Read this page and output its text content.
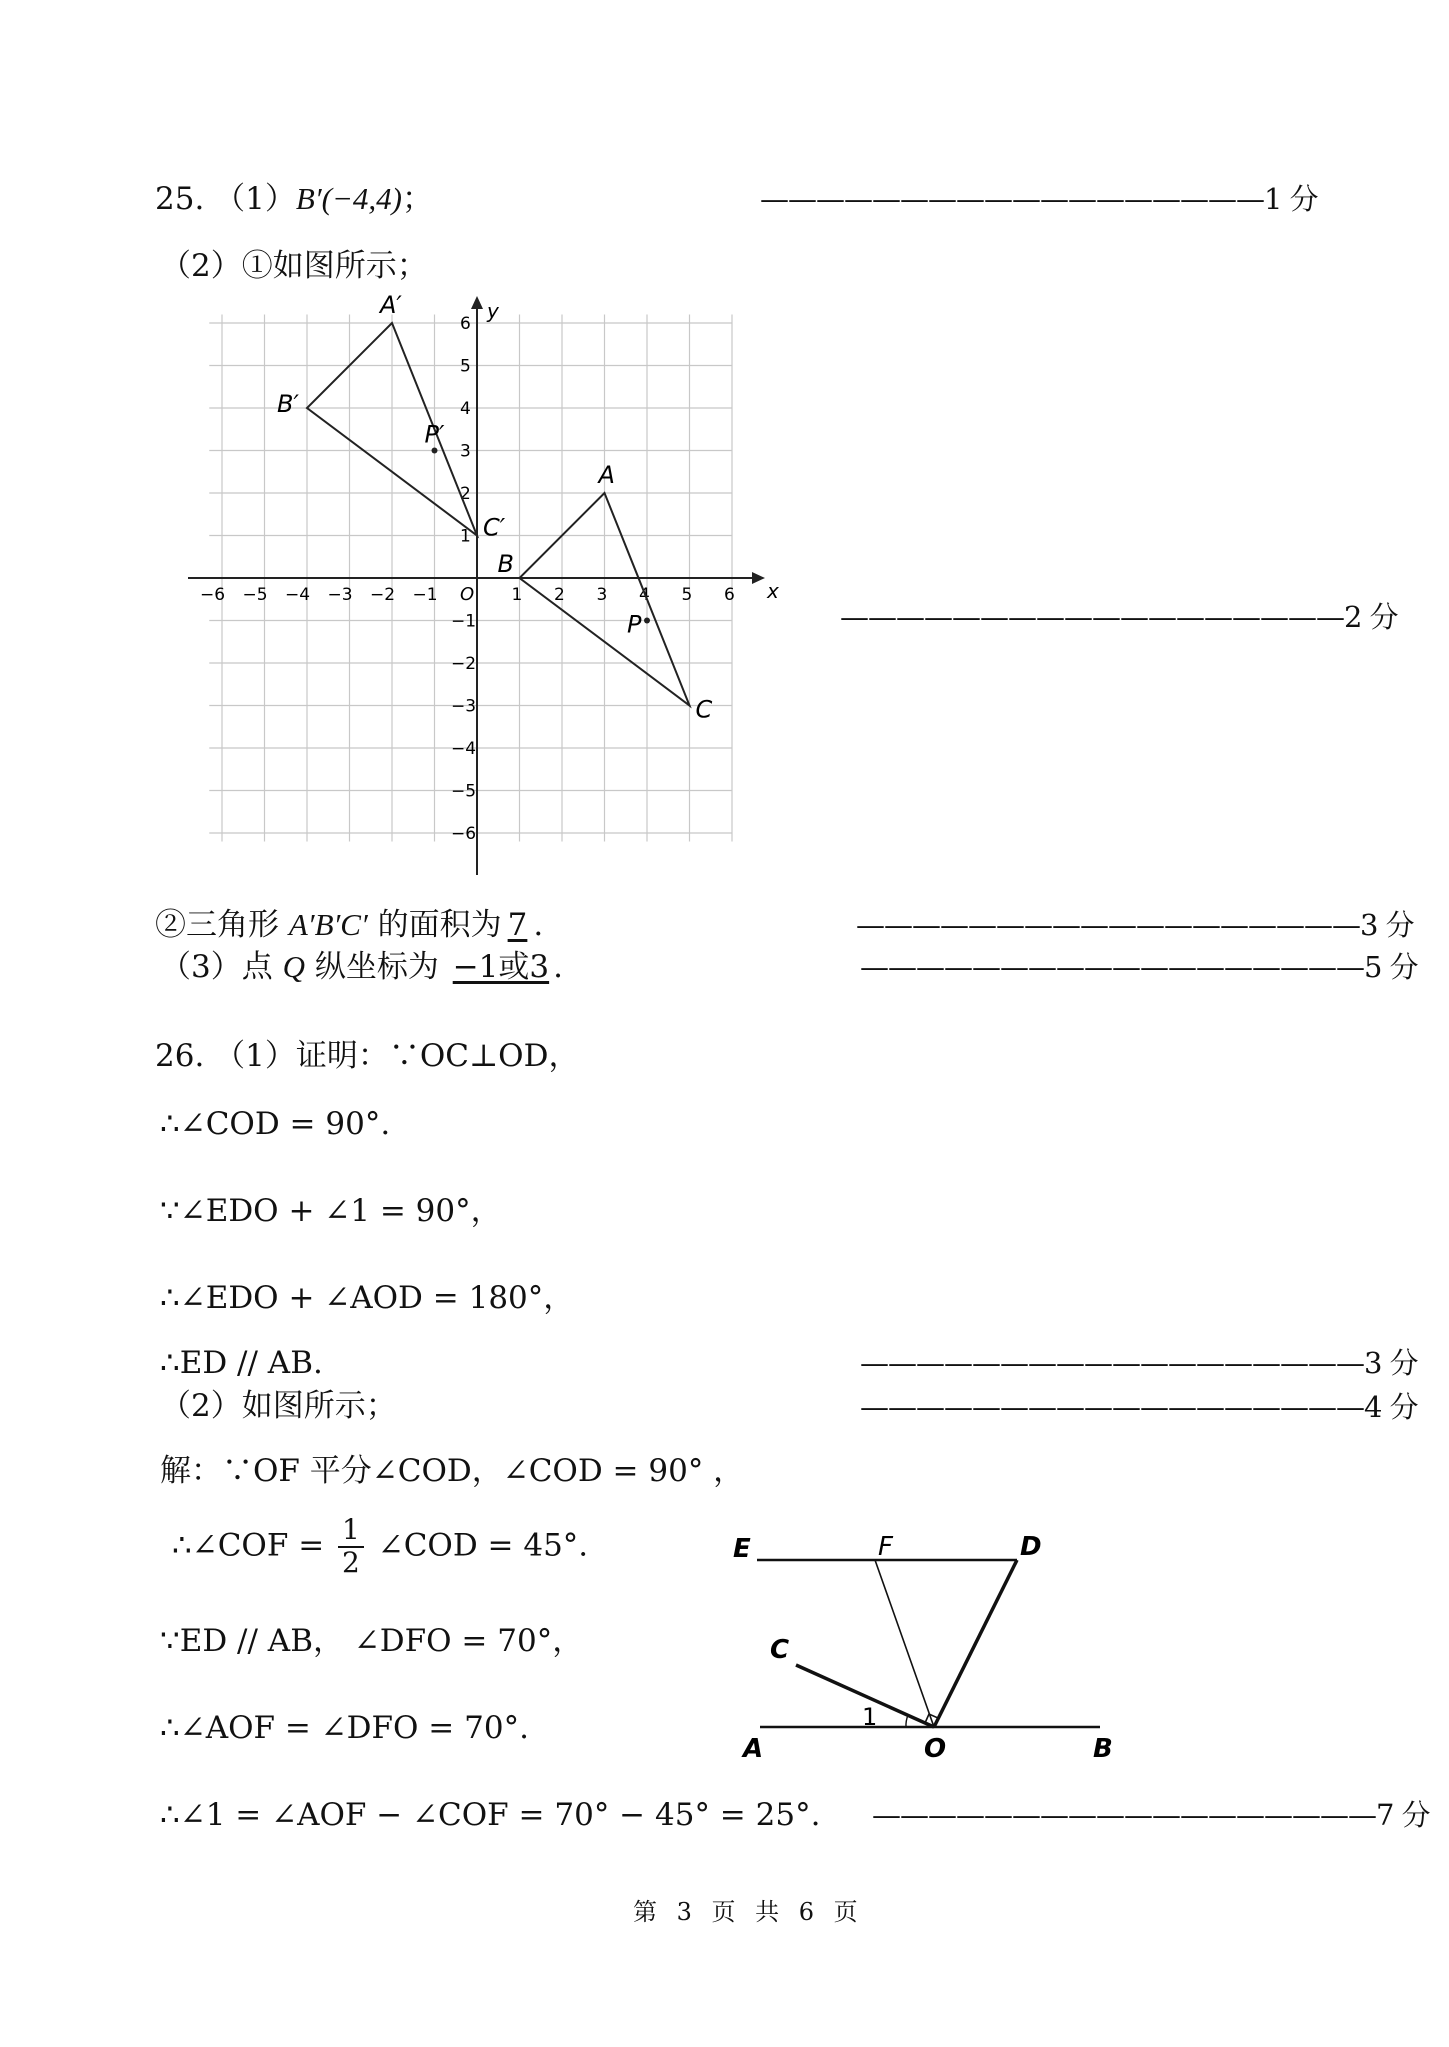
25. （1）B′(−4,4)；	——————————————————1 分
（2）①如图所示；
x
y
O
−6 −5 −4 −3 −2 −1	1 2 3 4 5 6
6
5
4
3
2
1
−1
−2
−3
−4
−5
−6
A
B
C
P
A′
B′
C′
P′
——————————————————2 分
②三角形 A′B′C′ 的面积为 7 .	——————————————————3 分
（3）点 Q 纵坐标为 −1或3 .	——————————————————5 分
26. （1）证明：∵OC⊥OD，
∴∠COD = 90°.
∵∠EDO + ∠1 = 90°，
∴∠EDO + ∠AOD = 180°，
∴ED // AB.	——————————————————3 分
（2）如图所示；	——————————————————4 分
解：∵OF 平分∠COD，∠COD = 90° ，
∴∠COF = $\frac{1}{2}$ ∠COD = 45°.
∵ED // AB， ∠DFO = 70°，
∴∠AOF = ∠DFO = 70°.
∴∠1 = ∠AOF − ∠COF = 70° − 45° = 25°. ——————————————————7 分
E	F	D
C
A	O	B
1
第 3 页 共 6 页
